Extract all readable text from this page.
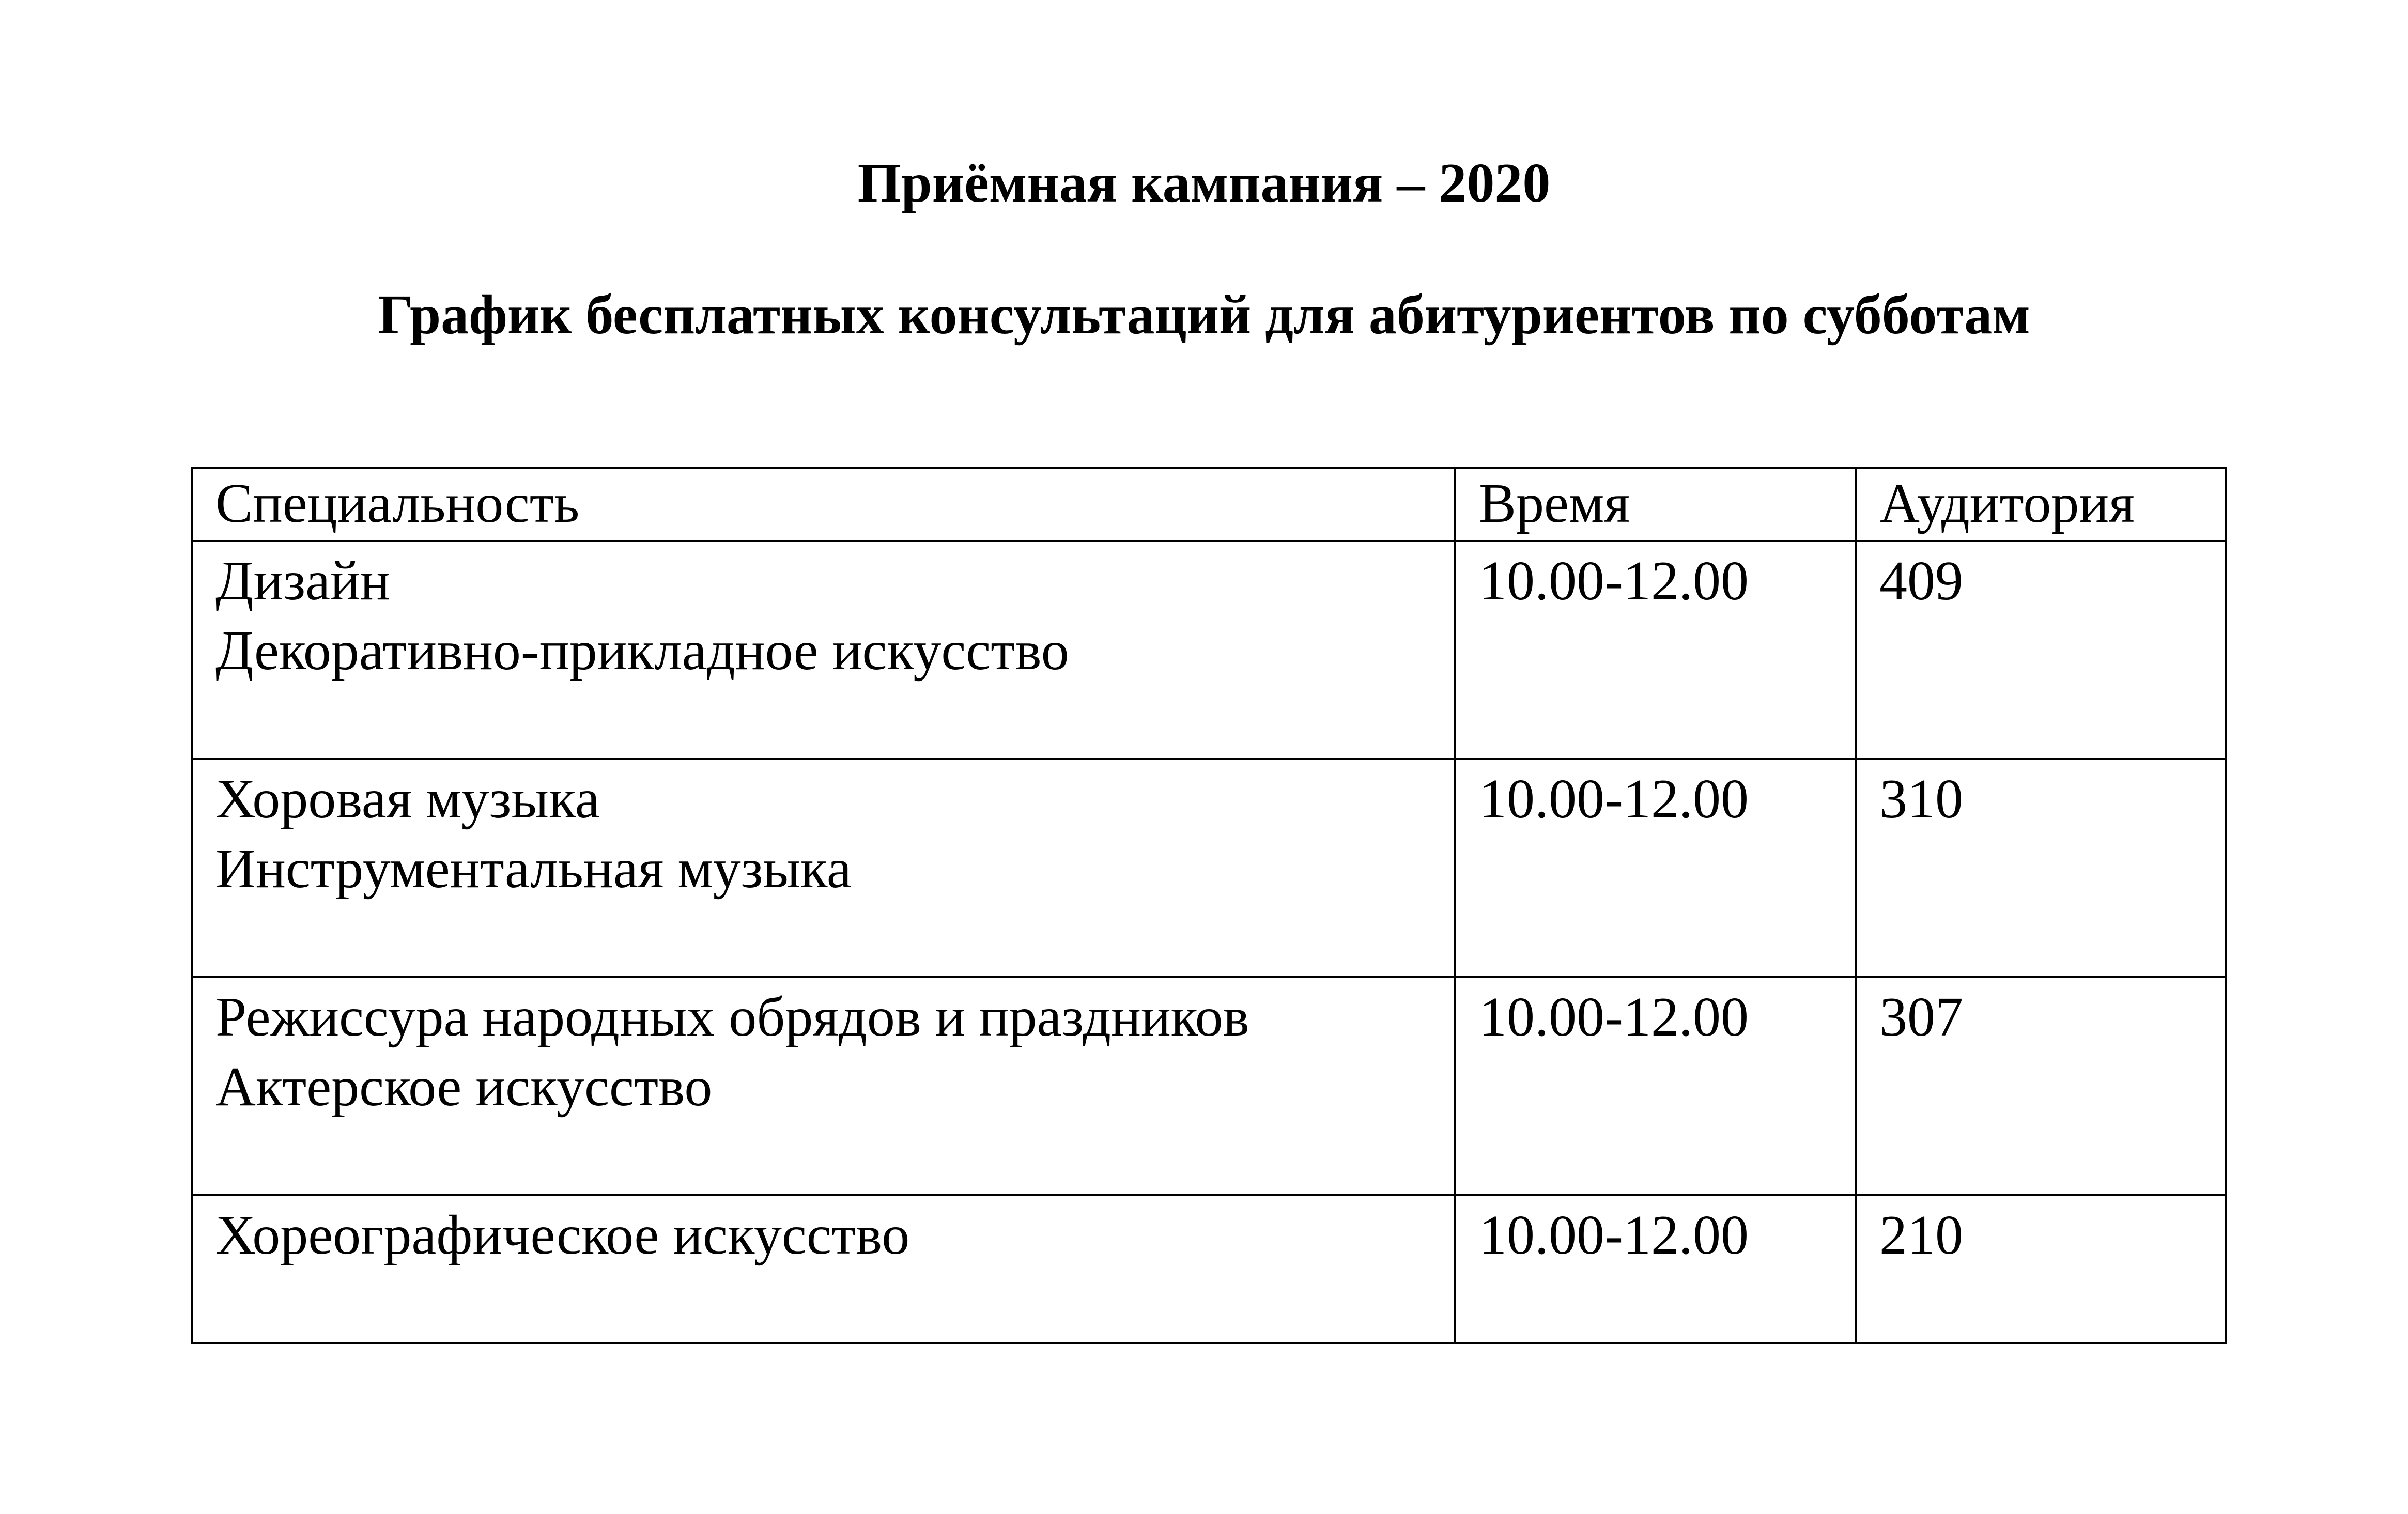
Приёмная кампания – 2020
График бесплатных консультаций для абитуриентов по субботам
Специальность	Время	Аудитория

Дизайн
Декоративно-прикладное искусство	10.00-12.00	409

Хоровая музыка
Инструментальная музыка	10.00-12.00	310

Режиссура народных обрядов и праздников
Актерское искусство	10.00-12.00	307

Хореографическое искусство	10.00-12.00	210
